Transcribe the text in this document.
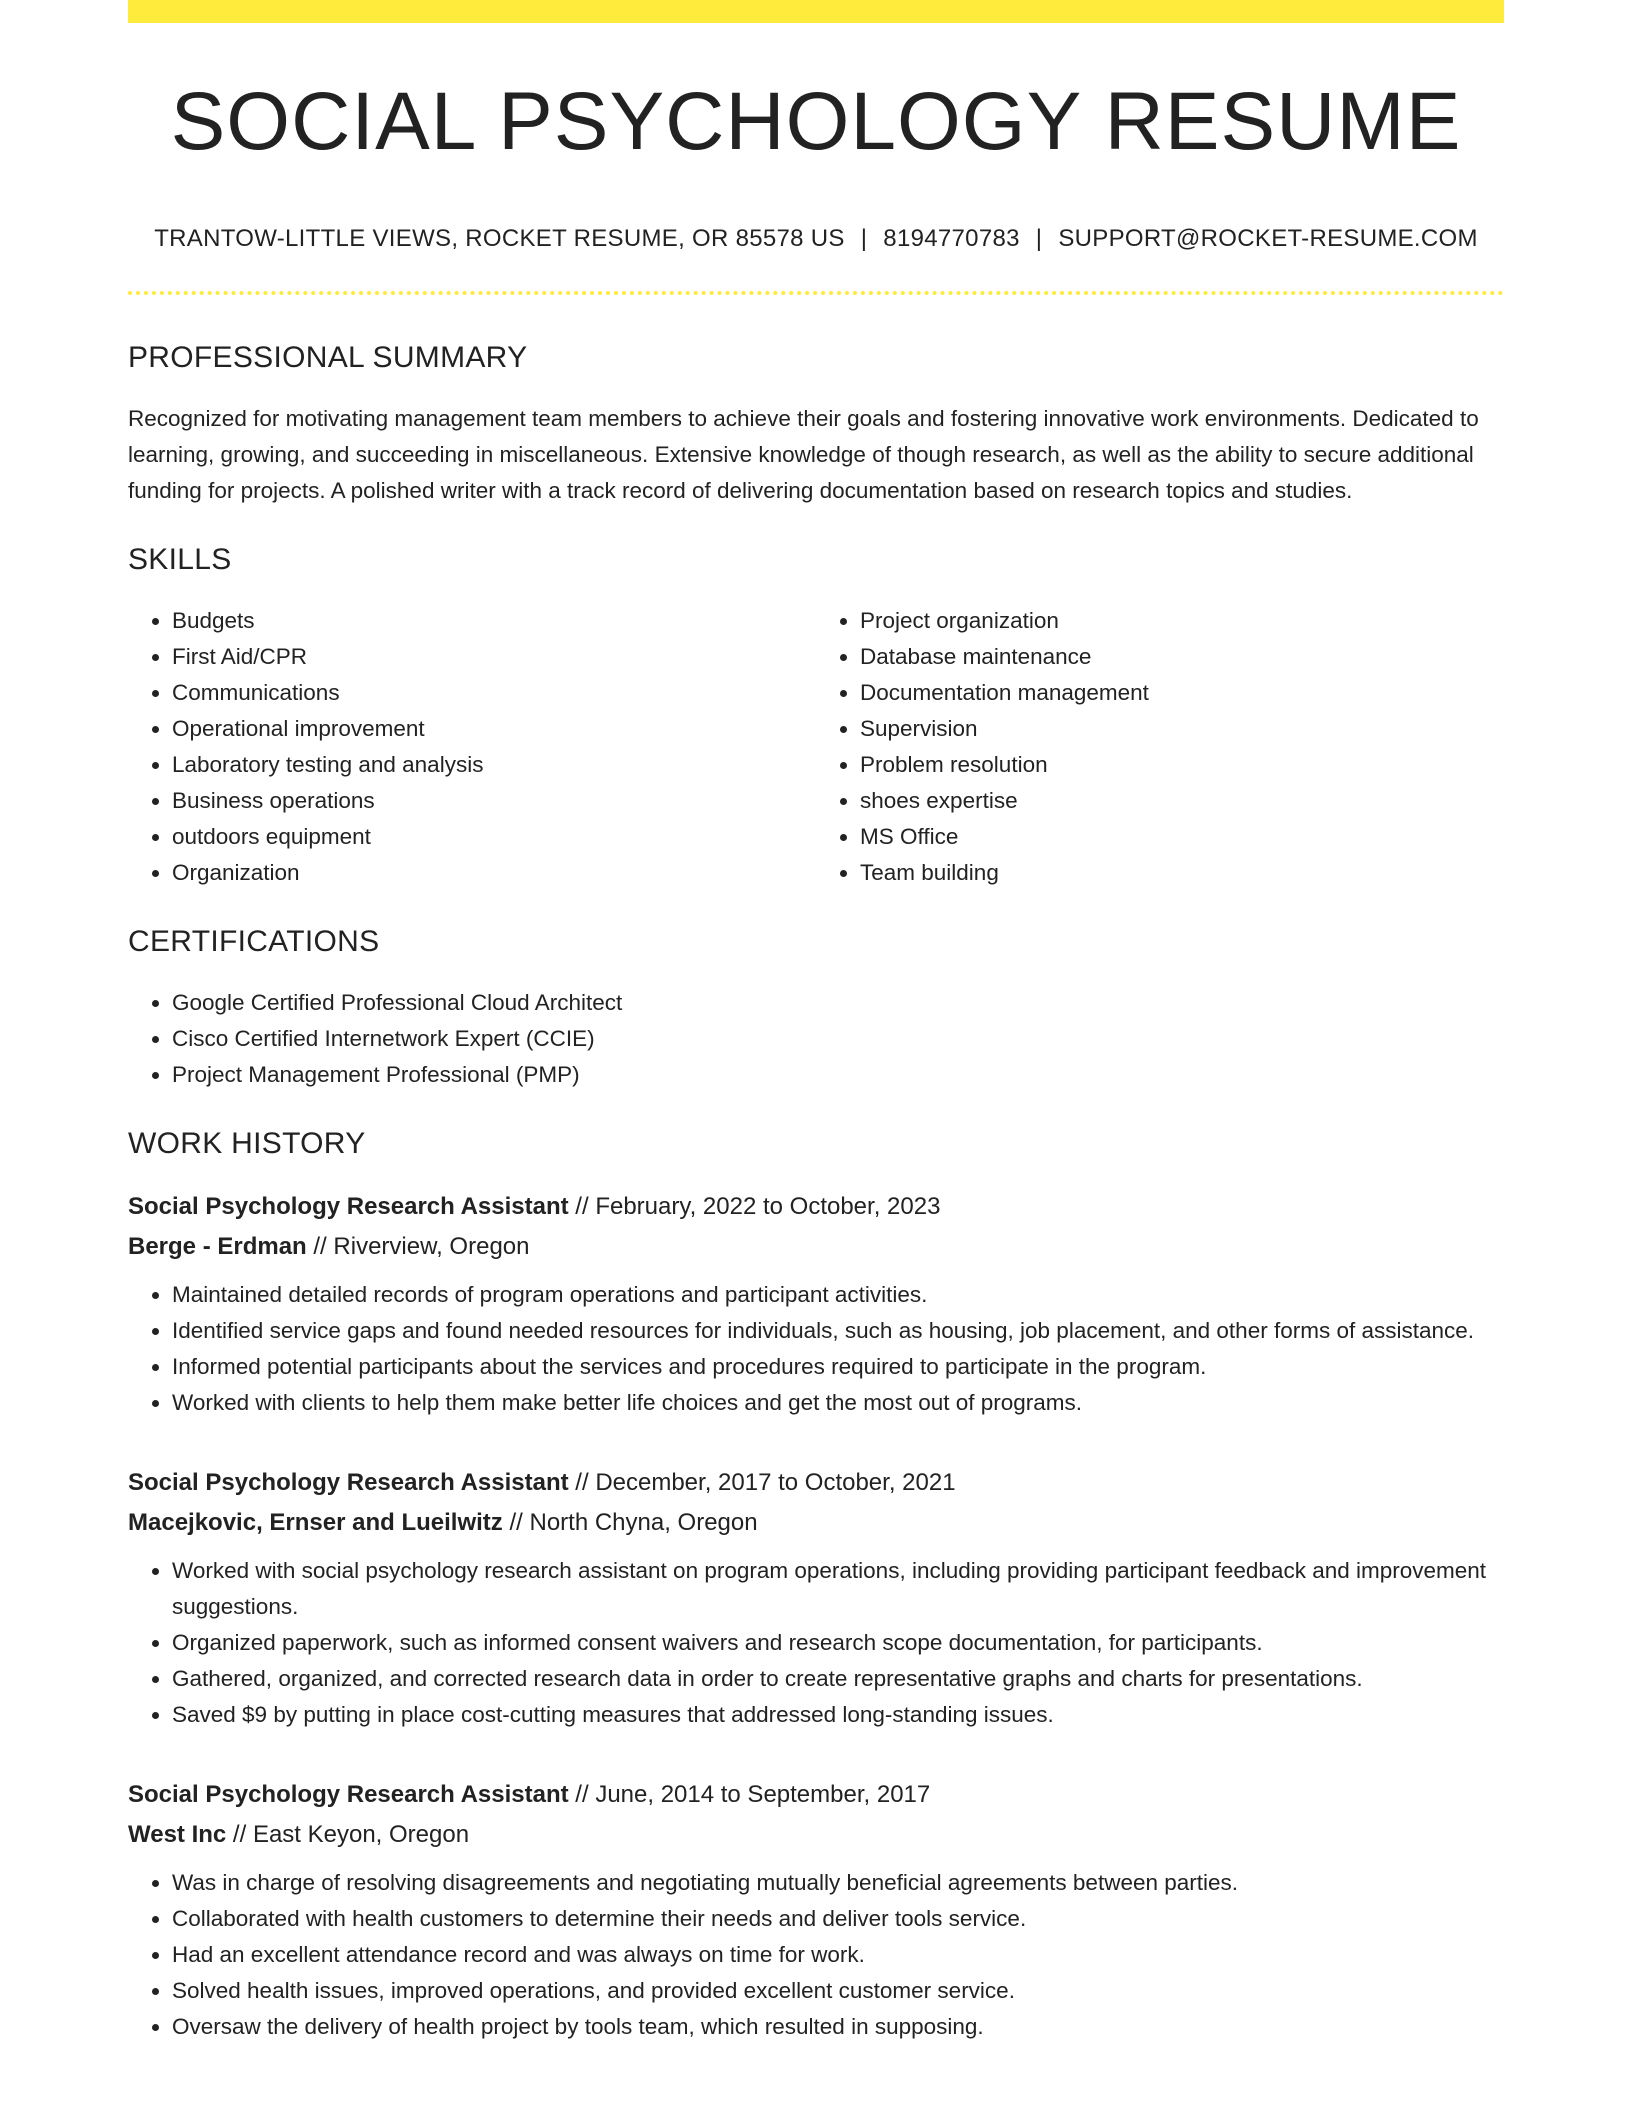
SOCIAL PSYCHOLOGY RESUME
TRANTOW-LITTLE VIEWS, ROCKET RESUME, OR 85578 US | 8194770783 | SUPPORT@ROCKET-RESUME.COM
PROFESSIONAL SUMMARY
Recognized for motivating management team members to achieve their goals and fostering innovative work environments. Dedicated to learning, growing, and succeeding in miscellaneous. Extensive knowledge of though research, as well as the ability to secure additional funding for projects. A polished writer with a track record of delivering documentation based on research topics and studies.
SKILLS
• Budgets
• First Aid/CPR
• Communications
• Operational improvement
• Laboratory testing and analysis
• Business operations
• outdoors equipment
• Organization
• Project organization
• Database maintenance
• Documentation management
• Supervision
• Problem resolution
• shoes expertise
• MS Office
• Team building
CERTIFICATIONS
• Google Certified Professional Cloud Architect
• Cisco Certified Internetwork Expert (CCIE)
• Project Management Professional (PMP)
WORK HISTORY
Social Psychology Research Assistant // February, 2022 to October, 2023
Berge - Erdman // Riverview, Oregon
• Maintained detailed records of program operations and participant activities.
• Identified service gaps and found needed resources for individuals, such as housing, job placement, and other forms of assistance.
• Informed potential participants about the services and procedures required to participate in the program.
• Worked with clients to help them make better life choices and get the most out of programs.
Social Psychology Research Assistant // December, 2017 to October, 2021
Macejkovic, Ernser and Lueilwitz // North Chyna, Oregon
• Worked with social psychology research assistant on program operations, including providing participant feedback and improvement suggestions.
• Organized paperwork, such as informed consent waivers and research scope documentation, for participants.
• Gathered, organized, and corrected research data in order to create representative graphs and charts for presentations.
• Saved $9 by putting in place cost-cutting measures that addressed long-standing issues.
Social Psychology Research Assistant // June, 2014 to September, 2017
West Inc // East Keyon, Oregon
• Was in charge of resolving disagreements and negotiating mutually beneficial agreements between parties.
• Collaborated with health customers to determine their needs and deliver tools service.
• Had an excellent attendance record and was always on time for work.
• Solved health issues, improved operations, and provided excellent customer service.
• Oversaw the delivery of health project by tools team, which resulted in supposing.
